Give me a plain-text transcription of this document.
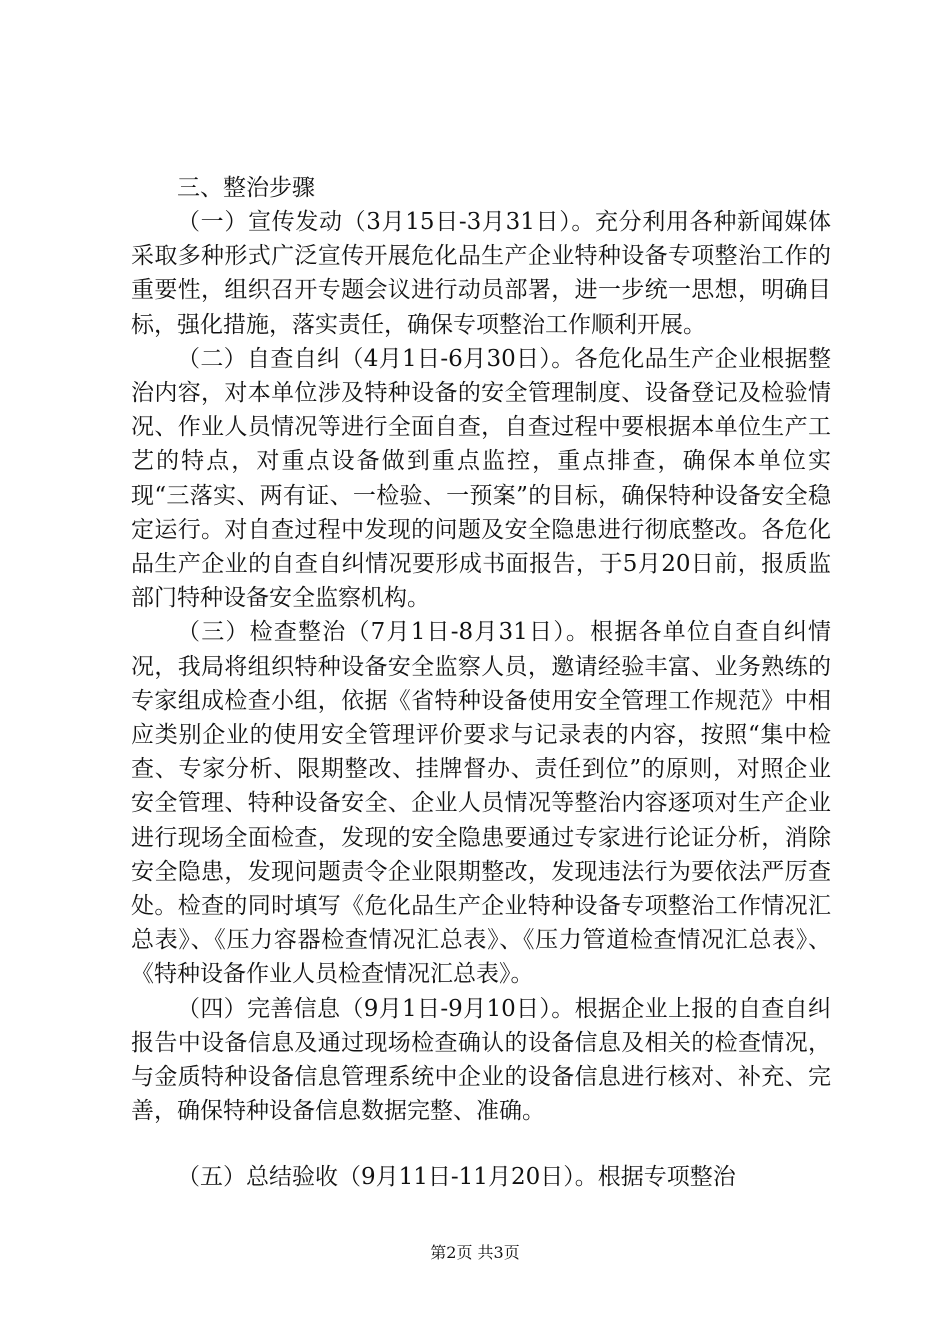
三、整治步骤

（一）宣传发动（3月15日-3月31日）。充分利用各种新闻媒体采取多种形式广泛宣传开展危化品生产企业特种设备专项整治工作的重要性，组织召开专题会议进行动员部署，进一步统一思想，明确目标，强化措施，落实责任，确保专项整治工作顺利开展。

（二）自查自纠（4月1日-6月30日）。各危化品生产企业根据整治内容，对本单位涉及特种设备的安全管理制度、设备登记及检验情况、作业人员情况等进行全面自查，自查过程中要根据本单位生产工艺的特点，对重点设备做到重点监控，重点排查，确保本单位实现“三落实、两有证、一检验、一预案”的目标，确保特种设备安全稳定运行。对自查过程中发现的问题及安全隐患进行彻底整改。各危化品生产企业的自查自纠情况要形成书面报告，于5月20日前，报质监部门特种设备安全监察机构。

（三）检查整治（7月1日-8月31日）。根据各单位自查自纠情况，我局将组织特种设备安全监察人员，邀请经验丰富、业务熟练的专家组成检查小组，依据《省特种设备使用安全管理工作规范》中相应类别企业的使用安全管理评价要求与记录表的内容，按照“集中检查、专家分析、限期整改、挂牌督办、责任到位”的原则，对照企业安全管理、特种设备安全、企业人员情况等整治内容逐项对生产企业进行现场全面检查，发现的安全隐患要通过专家进行论证分析，消除安全隐患，发现问题责令企业限期整改，发现违法行为要依法严厉查处。检查的同时填写《危化品生产企业特种设备专项整治工作情况汇总表》、《压力容器检查情况汇总表》、《压力管道检查情况汇总表》、《特种设备作业人员检查情况汇总表》。

（四）完善信息（9月1日-9月10日）。根据企业上报的自查自纠报告中设备信息及通过现场检查确认的设备信息及相关的检查情况，与金质特种设备信息管理系统中企业的设备信息进行核对、补充、完善，确保特种设备信息数据完整、准确。

（五）总结验收（9月11日-11月20日）。根据专项整治

第2页 共3页
